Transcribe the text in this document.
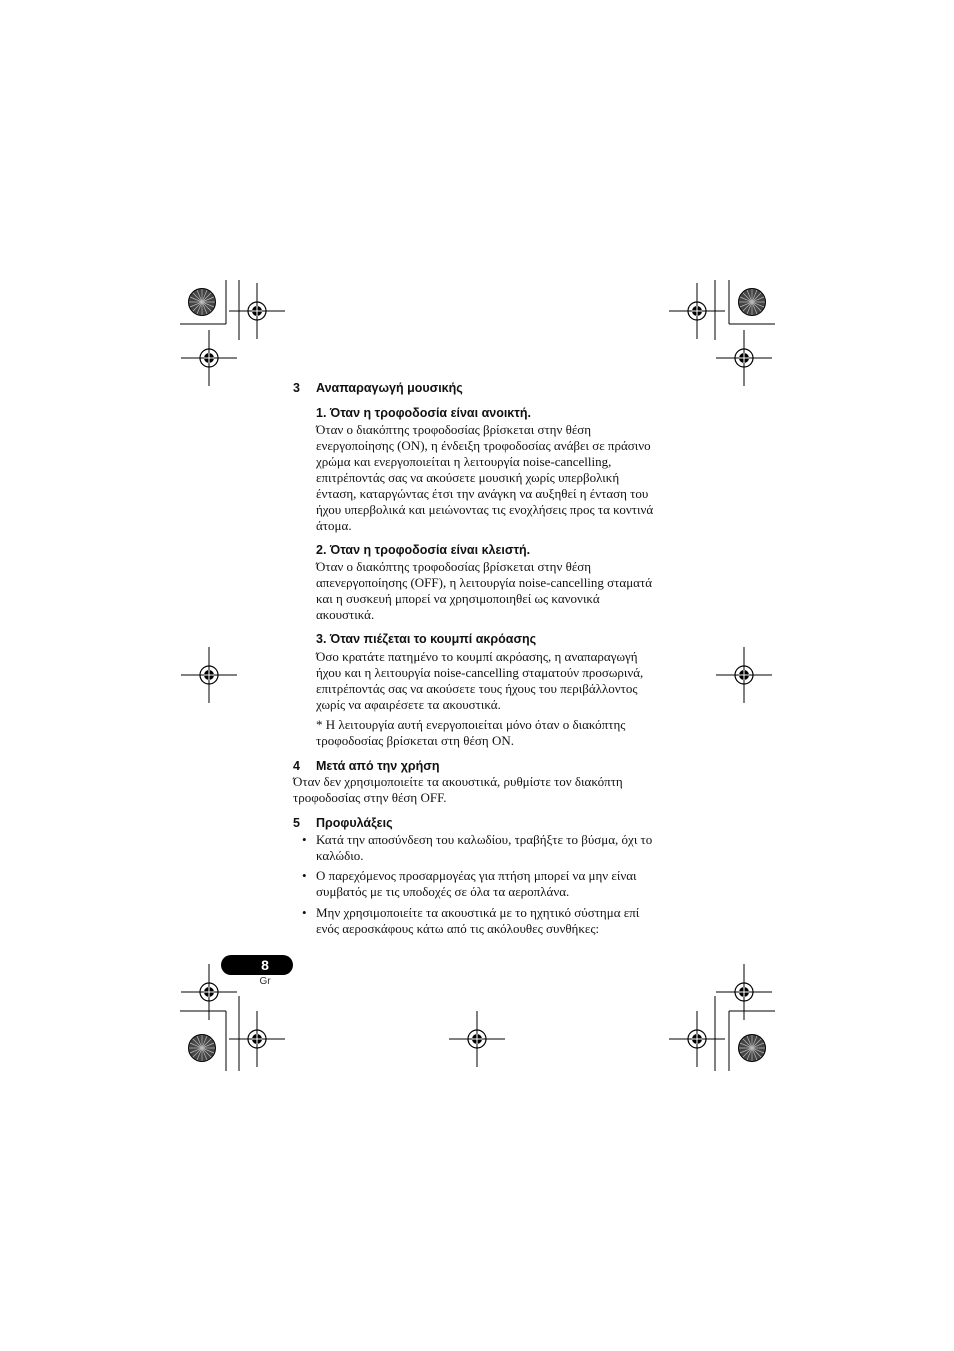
3 Αναπαραγωγή μουσικής
1. Όταν η τροφοδοσία είναι ανοικτή.
Όταν ο διακόπτης τροφοδοσίας βρίσκεται στην θέση
ενεργοποίησης (ON), η ένδειξη τροφοδοσίας ανάβει σε πράσινο
χρώμα και ενεργοποιείται η λειτουργία noise-cancelling,
επιτρέποντάς σας να ακούσετε μουσική χωρίς υπερβολική
ένταση, καταργώντας έτσι την ανάγκη να αυξηθεί η ένταση του
ήχου υπερβολικά και μειώνοντας τις ενοχλήσεις προς τα κοντινά
άτομα.
2. Όταν η τροφοδοσία είναι κλειστή.
Όταν ο διακόπτης τροφοδοσίας βρίσκεται στην θέση
απενεργοποίησης (OFF), η λειτουργία noise-cancelling σταματά
και η συσκευή μπορεί να χρησιμοποιηθεί ως κανονικά
ακουστικά.
3. Όταν πιέζεται το κουμπί ακρόασης
Όσο κρατάτε πατημένο το κουμπί ακρόασης, η αναπαραγωγή
ήχου και η λειτουργία noise-cancelling σταματούν προσωρινά,
επιτρέποντάς σας να ακούσετε τους ήχους του περιβάλλοντος
χωρίς να αφαιρέσετε τα ακουστικά.
* Η λειτουργία αυτή ενεργοποιείται μόνο όταν ο διακόπτης
τροφοδοσίας βρίσκεται στη θέση ON.
4 Μετά από την χρήση
Όταν δεν χρησιμοποιείτε τα ακουστικά, ρυθμίστε τον διακόπτη
τροφοδοσίας στην θέση OFF.
5 Προφυλάξεις
• Κατά την αποσύνδεση του καλωδίου, τραβήξτε το βύσμα, όχι το
καλώδιο.
• Ο παρεχόμενος προσαρμογέας για πτήση μπορεί να μην είναι
συμβατός με τις υποδοχές σε όλα τα αεροπλάνα.
• Μην χρησιμοποιείτε τα ακουστικά με το ηχητικό σύστημα επί
ενός αεροσκάφους κάτω από τις ακόλουθες συνθήκες:
8
Gr
